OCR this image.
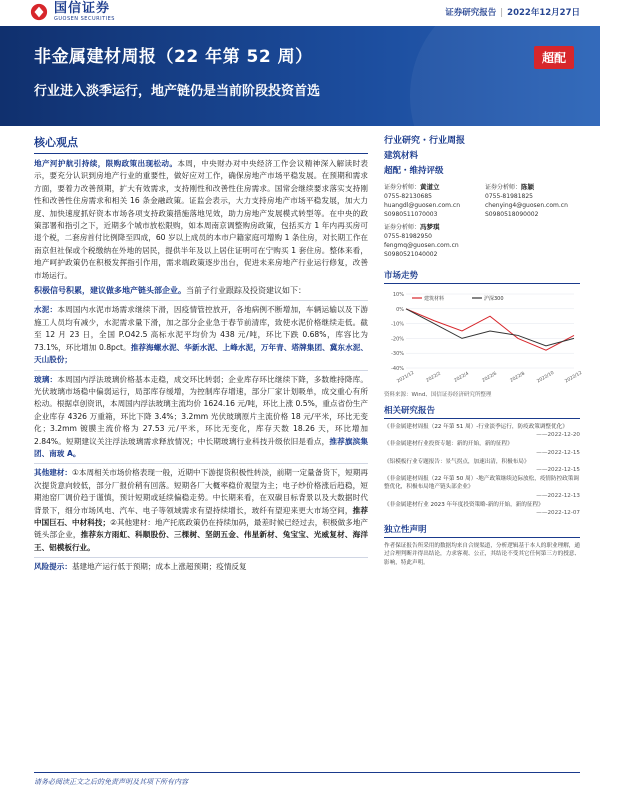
国信证券
GUOSEN SECURITIES
证券研究报告 | 2022年12月27日
非金属建材周报（22 年第 52 周）
行业进入淡季运行，地产链仍是当前阶段投资首选
超配
核心观点

地产河护航引持续，限购政策出现松动。本周，中央财办对中央经济工作会议精神深入解读时表示，要充分认识到房地产行业的重要性，做好应对工作，确保房地产市场平稳发展。在预期和需求方面，要着力改善预期，扩大有效需求，支持刚性和改善性住房需求。国常会继续要求落实支持刚性和改善性住房需求和相关 16 条金融政策。证监会表示，大力支持房地产市场平稳发展，加大力度、加快速度抓好资本市场各项支持政策措施落地见效，助力房地产发展模式转型等。在中央的政策部署和指引之下，近期多个城市放松限购，如本周南京调整购房政策，包括买方 1 年内再买房可退个税，二套房首付比例降至四成，60 岁以上成员的本市户籍家庭可增购 1 条住房，对长期工作在南京但社保或个税缴纳在外地的居民，提供半年及以上居住证明可在宁购买 1 套住房。整体来看，地产呵护政策仍在积极发挥指引作用，需求端政策逐步出台，促进未来房地产行业运行修复，改善市场运行。

积极信号积累，建议做多地产链头部企业。当前子行业跟踪及投资建议如下：

水泥：本周国内水泥市场需求继续下滑，因疫情管控放开，各地病例不断增加，车辆运输以及下游施工人员均有减少，水泥需求量下滑，加之部分企业急于春节前清库，致使水泥价格继续走低。截至 12 月 23 日，全国 P.O42.5 高标水泥平均价为 438 元/吨，环比下跌 0.68%，库容比为 73.1%，环比增加 0.8pct。推荐海螺水泥、华新水泥、上峰水泥，万年青、塔牌集团、冀东水泥、天山股份；

玻璃：本周国内浮法玻璃价格基本走稳，成交环比转弱；企业库存环比继续下降，多数维持降库。光伏玻璃市场稳中偏弱运行，局部库存缓增，为控制库存增速，部分厂家计划吸单，成交重心有所松动。根据卓创资讯，本周国内浮法玻璃主流均价 1624.16 元/吨，环比上涨 0.5%，重点省份生产企业库存 4326 万重箱，环比下降 3.4%；3.2mm 光伏玻璃原片主流价格 18 元/平米，环比无变化；3.2mm 镀膜主流价格为 27.53 元/平米，环比无变化，库存天数 18.26 天，环比增加 2.84%。短期建议关注浮法玻璃需求释放情况；中长期玻璃行业科技升级依旧是看点，推荐旗滨集团、南玻 A。

其他建材：①本周相关市场价格表现一般，近期中下游提货积极性转淡，前期一定量备货下，短期再次提货意向较低，部分厂报价稍有回落。短期各厂大概率稳价观望为主；电子纱价格涨后趋稳，短期池窑厂调价趋于谨慎，预计短期或延续偏稳走势。中长期来看，在双碳目标背景以及大数据时代背景下，细分市场风电、汽车、电子等领域需求有望持续增长，玻纤有望迎来更大市场空间，推荐中国巨石、中材科技；②其他建材：地产托底政策仍在持续加码，最差时候已经过去，积极做多地产链头部企业，推荐东方雨虹、科顺股份、三棵树、坚朗五金、伟星新材、兔宝宝、光威复材、海洋王、铝模板行业。

风险提示：基建地产运行低于预期；成本上涨超预期；疫情反复

行业研究・行业周报
建筑材料
超配・维持评级
证券分析师：黄道立
0755-82130685
huangdl@guosen.com.cn
S0980511070003
证券分析师：陈颖
0755-81981825
chenying4@guosen.com.cn
S0980518090002
证券分析师：冯梦琪
0755-81982950
fengmq@guosen.com.cn
S0980521040002
市场走势
-40%
-30%
-20%
-10%
0%
10%
2021/12 2022/2	2022/4	2022/6	2022/8 2022/10 2022/12
建筑材料	沪深300
资料来源：Wind、国信证券经济研究所整理
相关研究报告
《非金属建材周报（22 年第 51 周）-行业淡季运行，防疫政策调整优化》
——2022-12-20
《非金属建材行业投资专题：新的开始，新的征程》
——2022-12-15
《铝模板行业专题报告：景气拐点，加速出清，积极布局》
——2022-12-15
《非金属建材周报（22 年第 50 周）-地产政策继续边际放松，疫情防控政策调整优化，积极布局地产链头部企业》
——2022-12-13
《非金属建材行业 2023 年年度投资策略-新的开始，新的征程》
——2022-12-07
独立性声明
作者保证报告所采用的数据均来自合规渠道，分析逻辑基于本人的职业理解，通过合理判断并得出结论，力求客观、公正，其结论不受其它任何第三方的授意、影响，特此声明。
请务必阅读正文之后的免责声明及其项下所有内容
